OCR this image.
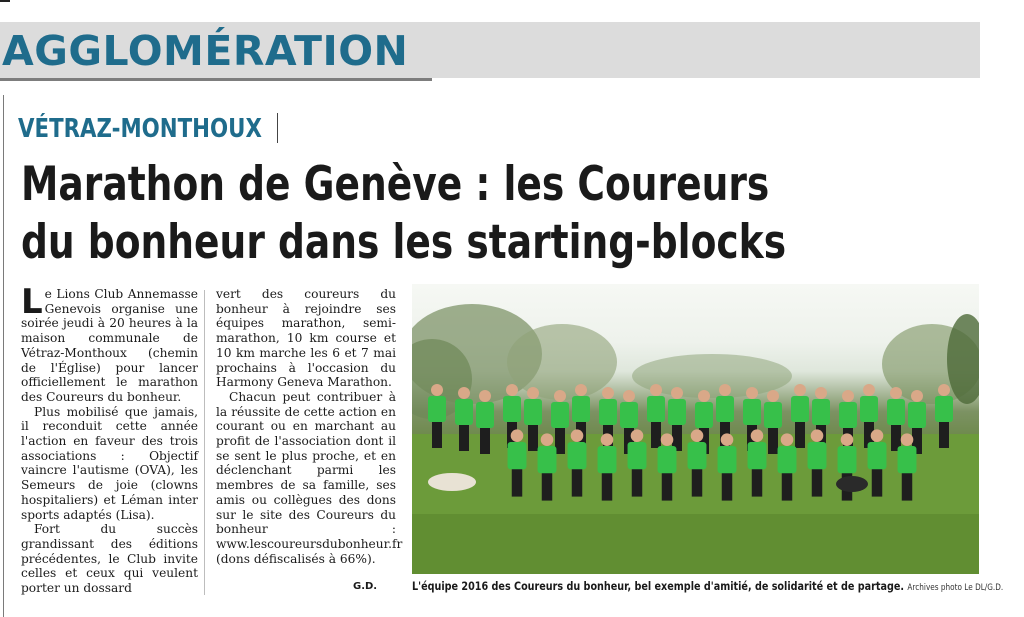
AGGLOMÉRATION
VÉTRAZ-MONTHOUX
Marathon de Genève : les Coureurs
du bonheur dans les starting-blocks

Le Lions Club Annemasse Genevois organise une soirée jeudi à 20 heures à la maison communale de Vétraz-Monthoux (chemin de l'Église) pour lancer officiellement le marathon des Coureurs du bonheur.

Plus mobilisé que jamais, il reconduit cette année l'action en faveur des trois associations : Objectif vaincre l'autisme (OVA), les Semeurs de joie (clowns hospitaliers) et Léman inter sports adaptés (Lisa).

Fort du succès grandissant des éditions précédentes, le Club invite celles et ceux qui veulent porter un dossard

vert des coureurs du bonheur à rejoindre ses équipes marathon, semi-marathon, 10 km course et 10 km marche les 6 et 7 mai prochains à l'occasion du Harmony Geneva Marathon.

Chacun peut contribuer à la réussite de cette action en courant ou en marchant au profit de l'association dont il se sent le plus proche, et en déclenchant parmi les membres de sa famille, ses amis ou collègues des dons sur le site des Coureurs du bonheur : www.lescoureursdubonheur.fr (dons défiscalisés à 66%).

G.D.	L'équipe 2016 des Coureurs du bonheur, bel exemple d'amitié, de solidarité et de partage. Archives photo Le DL/G.D.
